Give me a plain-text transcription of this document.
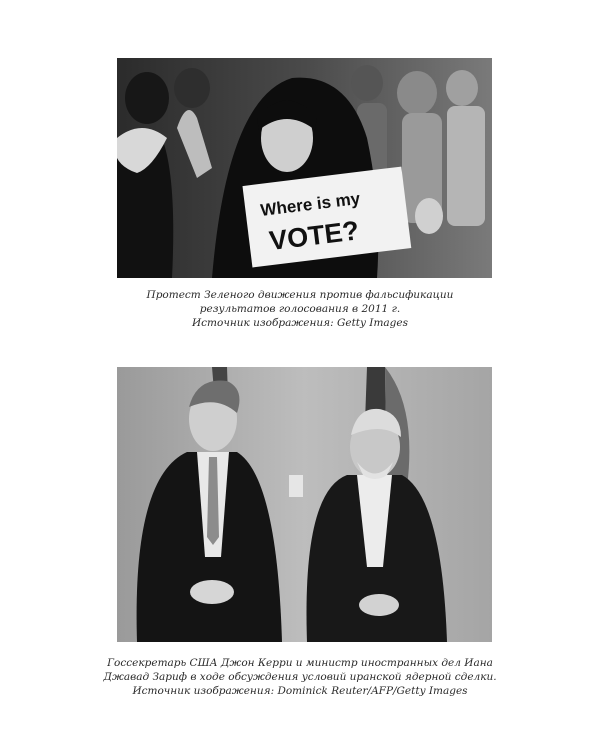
Where is my
VOTE?
Протест Зеленого движения против фальсификации
результатов голосования в 2011 г.
Источник изображения: Getty Images
Госсекретарь США Джон Керри и министр иностранных дел Иана
Джавад Зариф в ходе обсуждения условий иранской ядерной сделки.
Источник изображения: Dominick Reuter/AFP/Getty Images
